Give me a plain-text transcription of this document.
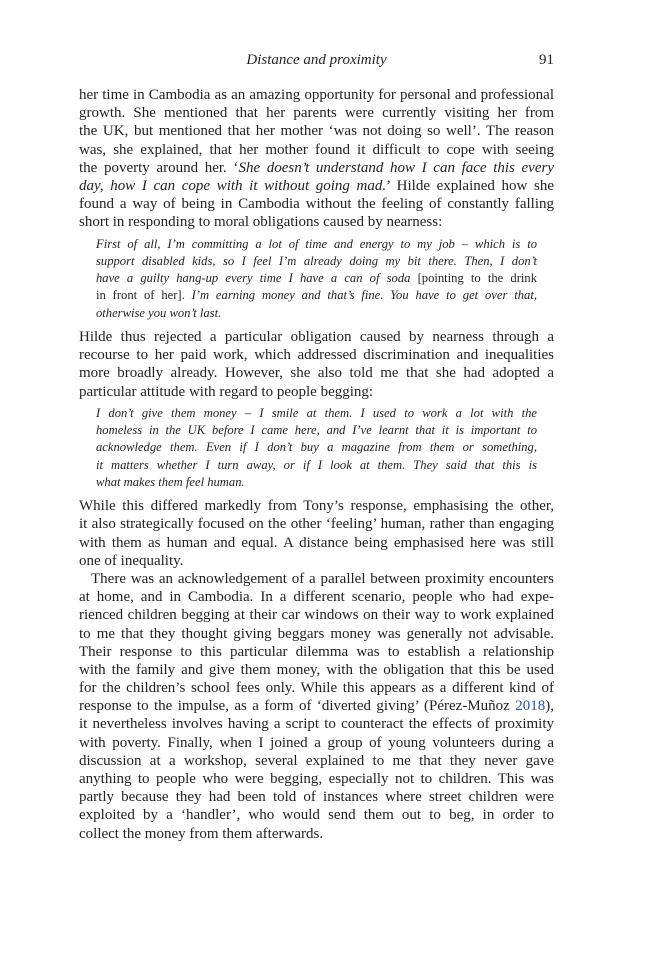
Distance and proximity	91
her time in Cambodia as an amazing opportunity for personal and professional
growth. She mentioned that her parents were currently visiting her from
the UK, but mentioned that her mother ‘was not doing so well’. The reason
was, she explained, that her mother found it difficult to cope with seeing
the poverty around her. ‘She doesn’t understand how I can face this every
day, how I can cope with it without going mad.’ Hilde explained how she
found a way of being in Cambodia without the feeling of constantly falling
short in responding to moral obligations caused by nearness:
First of all, I’m committing a lot of time and energy to my job – which is to
support disabled kids, so I feel I’m already doing my bit there. Then, I don’t
have a guilty hang-up every time I have a can of soda [pointing to the drink
in front of her]. I’m earning money and that’s fine. You have to get over that,
otherwise you won’t last.
Hilde thus rejected a particular obligation caused by nearness through a
recourse to her paid work, which addressed discrimination and inequalities
more broadly already. However, she also told me that she had adopted a
particular attitude with regard to people begging:
I don’t give them money – I smile at them. I used to work a lot with the
homeless in the UK before I came here, and I’ve learnt that it is important to
acknowledge them. Even if I don’t buy a magazine from them or something,
it matters whether I turn away, or if I look at them. They said that this is
what makes them feel human.
While this differed markedly from Tony’s response, emphasising the other,
it also strategically focused on the other ‘feeling’ human, rather than engaging
with them as human and equal. A distance being emphasised here was still
one of inequality.
There was an acknowledgement of a parallel between proximity encounters
at home, and in Cambodia. In a different scenario, people who had expe-
rienced children begging at their car windows on their way to work explained
to me that they thought giving beggars money was generally not advisable.
Their response to this particular dilemma was to establish a relationship
with the family and give them money, with the obligation that this be used
for the children’s school fees only. While this appears as a different kind of
response to the impulse, as a form of ‘diverted giving’ (Pérez-Muñoz 2018),
it nevertheless involves having a script to counteract the effects of proximity
with poverty. Finally, when I joined a group of young volunteers during a
discussion at a workshop, several explained to me that they never gave
anything to people who were begging, especially not to children. This was
partly because they had been told of instances where street children were
exploited by a ‘handler’, who would send them out to beg, in order to
collect the money from them afterwards.
